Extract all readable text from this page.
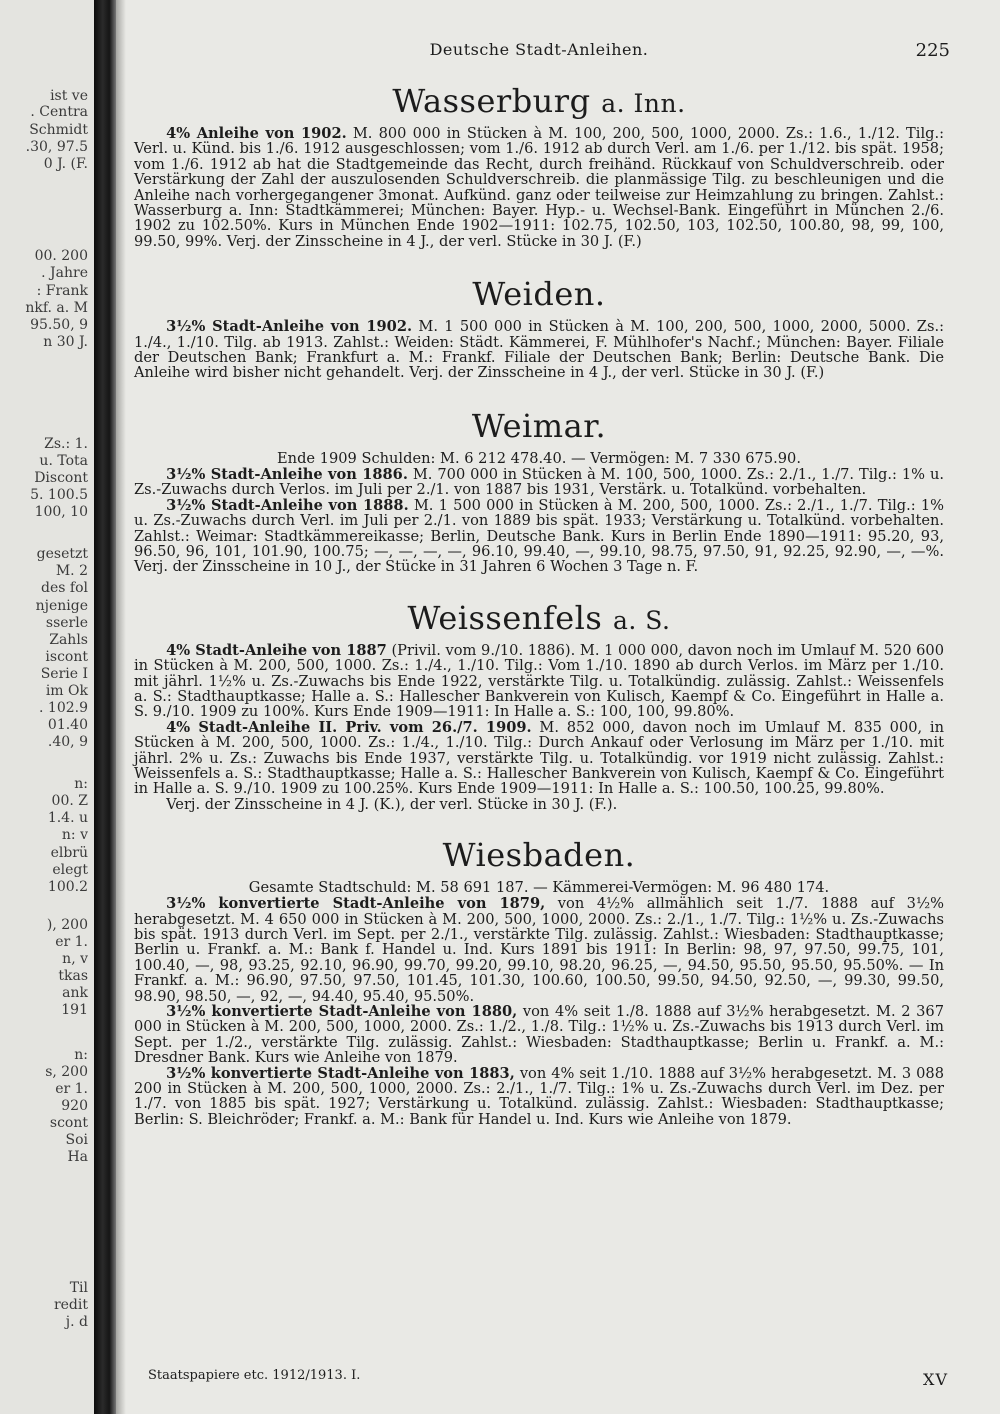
ist ve
. Centra
Schmidt
.30, 97.5
0 J. (F.
00. 200
. Jahre
: Frank
nkf. a. M
95.50, 9
n 30 J.
Zs.: 1.
u. Tota
Discont
5. 100.5
100, 10
gesetzt
M. 2
des fol
njenige
sserle
Zahls
iscont
Serie I
im Ok
. 102.9
01.40
.40, 9
n:
00. Z
1.4. u
n: v
elbrü
elegt
100.2
), 200
er 1.
n, v
tkas
ank
191
n:
s, 200
er 1.
920
scont
Soi
Ha
Til
redit
j. d
Deutsche Stadt-Anleihen.	225
Wasserburg a. Inn.

4% Anleihe von 1902. M. 800 000 in Stücken à M. 100, 200, 500, 1000, 2000. Zs.: 1.6., 1./12. Tilg.: Verl. u. Künd. bis 1./6. 1912 ausgeschlossen; vom 1./6. 1912 ab durch Verl. am 1./6. per 1./12. bis spät. 1958; vom 1./6. 1912 ab hat die Stadtgemeinde das Recht, durch freihänd. Rückkauf von Schuldverschreib. oder Verstärkung der Zahl der auszulosenden Schuldverschreib. die planmässige Tilg. zu beschleunigen und die Anleihe nach vorhergegangener 3monat. Aufkünd. ganz oder teilweise zur Heimzahlung zu bringen. Zahlst.: Wasserburg a. Inn: Stadtkämmerei; München: Bayer. Hyp.- u. Wechsel-Bank. Eingeführt in München 2./6. 1902 zu 102.50%. Kurs in München Ende 1902—1911: 102.75, 102.50, 103, 102.50, 100.80, 98, 99, 100, 99.50, 99%. Verj. der Zinsscheine in 4 J., der verl. Stücke in 30 J. (F.)

Weiden.

3½% Stadt-Anleihe von 1902. M. 1 500 000 in Stücken à M. 100, 200, 500, 1000, 2000, 5000. Zs.: 1./4., 1./10. Tilg. ab 1913. Zahlst.: Weiden: Städt. Kämmerei, F. Mühlhofer's Nachf.; München: Bayer. Filiale der Deutschen Bank; Frankfurt a. M.: Frankf. Filiale der Deutschen Bank; Berlin: Deutsche Bank. Die Anleihe wird bisher nicht gehandelt. Verj. der Zinsscheine in 4 J., der verl. Stücke in 30 J. (F.)

Weimar.

Ende 1909 Schulden: M. 6 212 478.40. — Vermögen: M. 7 330 675.90.

3½% Stadt-Anleihe von 1886. M. 700 000 in Stücken à M. 100, 500, 1000. Zs.: 2./1., 1./7. Tilg.: 1% u. Zs.-Zuwachs durch Verlos. im Juli per 2./1. von 1887 bis 1931, Verstärk. u. Totalkünd. vorbehalten.

3½% Stadt-Anleihe von 1888. M. 1 500 000 in Stücken à M. 200, 500, 1000. Zs.: 2./1., 1./7. Tilg.: 1% u. Zs.-Zuwachs durch Verl. im Juli per 2./1. von 1889 bis spät. 1933; Verstärkung u. Totalkünd. vorbehalten. Zahlst.: Weimar: Stadtkämmereikasse; Berlin, Deutsche Bank. Kurs in Berlin Ende 1890—1911: 95.20, 93, 96.50, 96, 101, 101.90, 100.75; —, —, —, —, 96.10, 99.40, —, 99.10, 98.75, 97.50, 91, 92.25, 92.90, —, —%. Verj. der Zinsscheine in 10 J., der Stücke in 31 Jahren 6 Wochen 3 Tage n. F.

Weissenfels a. S.

4% Stadt-Anleihe von 1887 (Privil. vom 9./10. 1886). M. 1 000 000, davon noch im Umlauf M. 520 600 in Stücken à M. 200, 500, 1000. Zs.: 1./4., 1./10. Tilg.: Vom 1./10. 1890 ab durch Verlos. im März per 1./10. mit jährl. 1½% u. Zs.-Zuwachs bis Ende 1922, verstärkte Tilg. u. Totalkündig. zulässig. Zahlst.: Weissenfels a. S.: Stadthauptkasse; Halle a. S.: Hallescher Bankverein von Kulisch, Kaempf & Co. Eingeführt in Halle a. S. 9./10. 1909 zu 100%. Kurs Ende 1909—1911: In Halle a. S.: 100, 100, 99.80%.

4% Stadt-Anleihe II. Priv. vom 26./7. 1909. M. 852 000, davon noch im Umlauf M. 835 000, in Stücken à M. 200, 500, 1000. Zs.: 1./4., 1./10. Tilg.: Durch Ankauf oder Verlosung im März per 1./10. mit jährl. 2% u. Zs.: Zuwachs bis Ende 1937, verstärkte Tilg. u. Totalkündig. vor 1919 nicht zulässig. Zahlst.: Weissenfels a. S.: Stadthauptkasse; Halle a. S.: Hallescher Bankverein von Kulisch, Kaempf & Co. Eingeführt in Halle a. S. 9./10. 1909 zu 100.25%. Kurs Ende 1909—1911: In Halle a. S.: 100.50, 100.25, 99.80%.

Verj. der Zinsscheine in 4 J. (K.), der verl. Stücke in 30 J. (F.).

Wiesbaden.

Gesamte Stadtschuld: M. 58 691 187. — Kämmerei-Vermögen: M. 96 480 174.

3½% konvertierte Stadt-Anleihe von 1879, von 4½% allmählich seit 1./7. 1888 auf 3½% herabgesetzt. M. 4 650 000 in Stücken à M. 200, 500, 1000, 2000. Zs.: 2./1., 1./7. Tilg.: 1½% u. Zs.-Zuwachs bis spät. 1913 durch Verl. im Sept. per 2./1., verstärkte Tilg. zulässig. Zahlst.: Wiesbaden: Stadthauptkasse; Berlin u. Frankf. a. M.: Bank f. Handel u. Ind. Kurs 1891 bis 1911: In Berlin: 98, 97, 97.50, 99.75, 101, 100.40, —, 98, 93.25, 92.10, 96.90, 99.70, 99.20, 99.10, 98.20, 96.25, —, 94.50, 95.50, 95.50, 95.50%. — In Frankf. a. M.: 96.90, 97.50, 97.50, 101.45, 101.30, 100.60, 100.50, 99.50, 94.50, 92.50, —, 99.30, 99.50, 98.90, 98.50, —, 92, —, 94.40, 95.40, 95.50%.

3½% konvertierte Stadt-Anleihe von 1880, von 4% seit 1./8. 1888 auf 3½% herabgesetzt. M. 2 367 000 in Stücken à M. 200, 500, 1000, 2000. Zs.: 1./2., 1./8. Tilg.: 1½% u. Zs.-Zuwachs bis 1913 durch Verl. im Sept. per 1./2., verstärkte Tilg. zulässig. Zahlst.: Wiesbaden: Stadthauptkasse; Berlin u. Frankf. a. M.: Dresdner Bank. Kurs wie Anleihe von 1879.

3½% konvertierte Stadt-Anleihe von 1883, von 4% seit 1./10. 1888 auf 3½% herabgesetzt. M. 3 088 200 in Stücken à M. 200, 500, 1000, 2000. Zs.: 2./1., 1./7. Tilg.: 1% u. Zs.-Zuwachs durch Verl. im Dez. per 1./7. von 1885 bis spät. 1927; Verstärkung u. Totalkünd. zulässig. Zahlst.: Wiesbaden: Stadthauptkasse; Berlin: S. Bleichröder; Frankf. a. M.: Bank für Handel u. Ind. Kurs wie Anleihe von 1879.

Staatspapiere etc. 1912/1913. I.	XV
